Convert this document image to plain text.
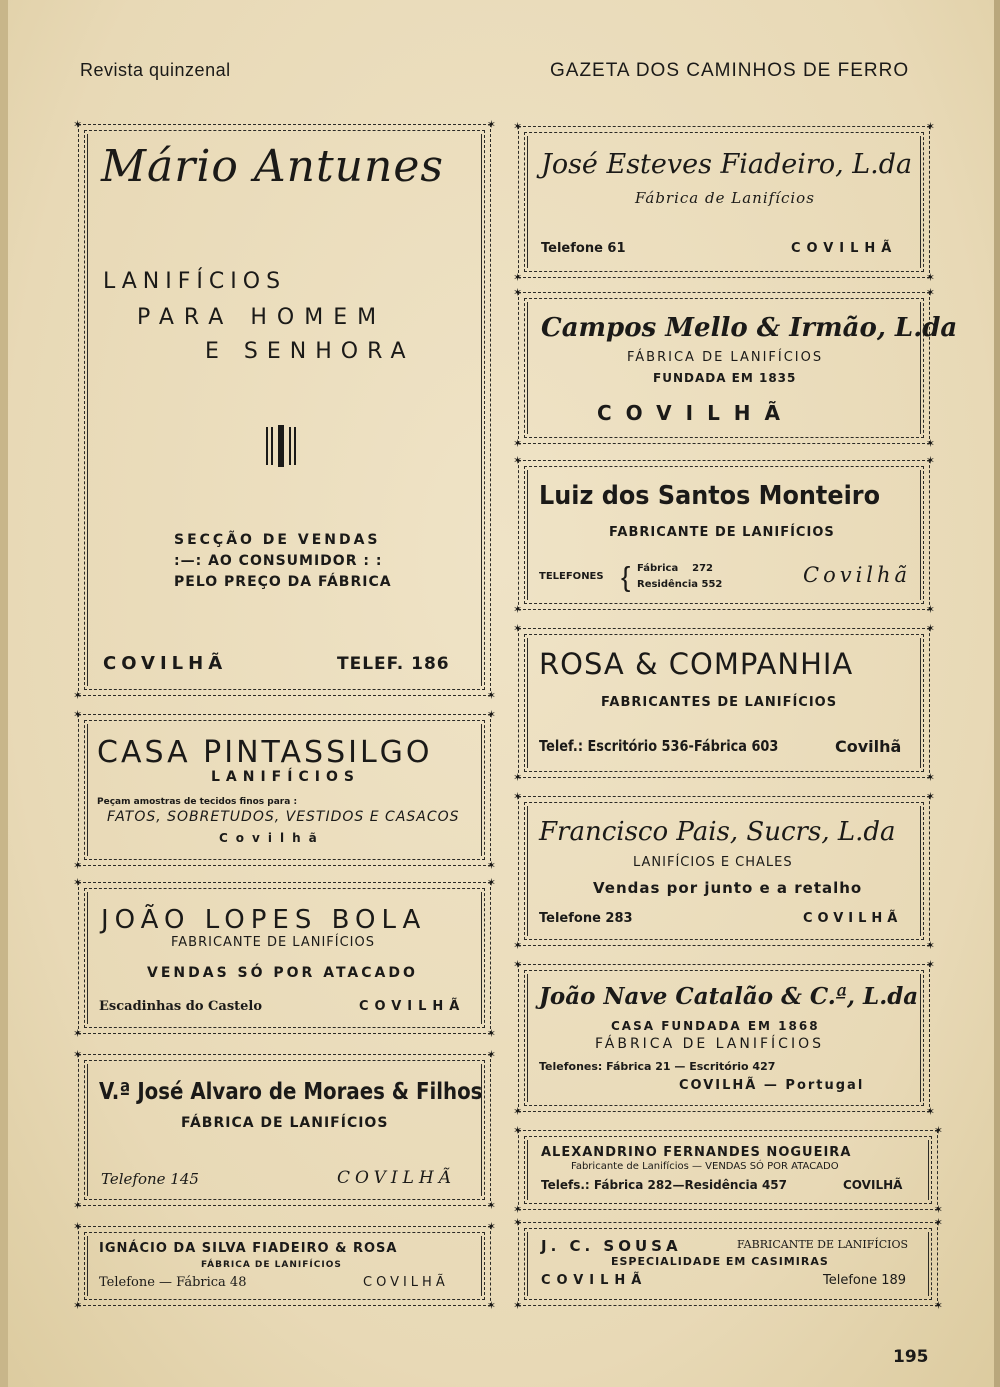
Revista quinzenal	GAZETA DOS CAMINHOS DE FERRO
Mário Antunes
LANIFÍCIOS
PARA HOMEM
E SENHORA
SECÇÃO DE VENDAS
:—: AO CONSUMIDOR : :
PELO PREÇO DA FÁBRICA
COVILHÃ	TELEF. 186
✶	✶
✶	✶
CASA PINTASSILGO
LANIFÍCIOS
Peçam amostras de tecidos finos para :
FATOS, SOBRETUDOS, VESTIDOS E CASACOS
Covilhã
✶	✶
✶	✶
JOÃO LOPES BOLA
FABRICANTE DE LANIFÍCIOS
VENDAS SÓ POR ATACADO
Escadinhas do Castelo	COVILHÃ
✶	✶
✶	✶
V.ª José Alvaro de Moraes & Filhos
FÁBRICA DE LANIFÍCIOS
Telefone 145	COVILHÃ
✶	✶
✶	✶
IGNÁCIO DA SILVA FIADEIRO & ROSA
FÁBRICA DE LANIFÍCIOS
Telefone — Fábrica 48	COVILHÃ
✶	✶
✶	✶
José Esteves Fiadeiro, L.da
Fábrica de Lanifícios
Telefone 61	COVILHÃ
✶	✶
✶	✶
Campos Mello & Irmão, L.da
FÁBRICA DE LANIFÍCIOS
FUNDADA EM 1835
COVILHÃ
✶	✶
✶	✶
Luiz dos Santos Monteiro
FABRICANTE DE LANIFÍCIOS
TELEFONES { Fábrica    272
Residência 552	Covilhã
✶	✶
✶	✶
ROSA & COMPANHIA
FABRICANTES DE LANIFÍCIOS
Telef.: Escritório 536-Fábrica 603	Covilhã
✶	✶
✶	✶
Francisco Pais, Sucrs, L.da
LANIFÍCIOS E CHALES
Vendas por junto e a retalho
Telefone 283	COVILHÃ
✶	✶
✶	✶
João Nave Catalão & C.ª, L.da
CASA FUNDADA EM 1868
FÁBRICA DE LANIFÍCIOS
Telefones: Fábrica 21 — Escritório 427
COVILHÃ — Portugal
✶	✶
✶	✶
ALEXANDRINO FERNANDES NOGUEIRA
Fabricante de Lanifícios — VENDAS SÓ POR ATACADO
Telefs.: Fábrica 282—Residência 457	COVILHÃ
✶	✶
✶	✶
J. C. SOUSA	FABRICANTE DE LANIFÍCIOS
ESPECIALIDADE EM CASIMIRAS
COVILHÃ	Telefone 189
✶	✶
✶	✶
195
